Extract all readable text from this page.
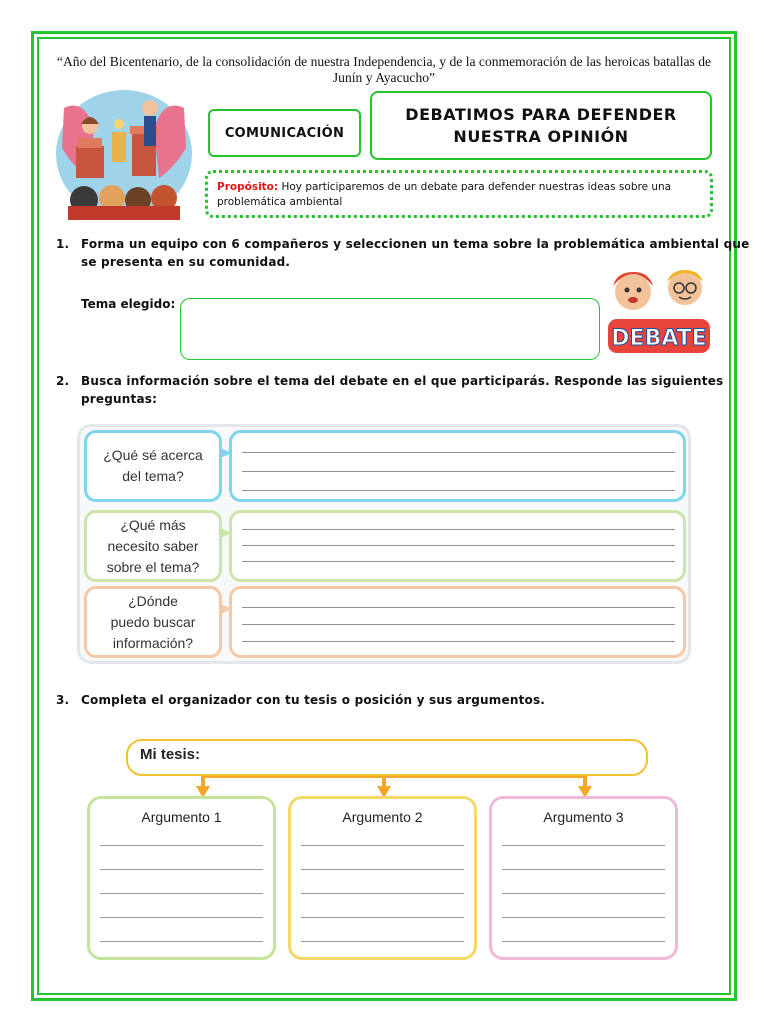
“Año del Bicentenario, de la consolidación de nuestra Independencia, y de la conmemoración de las heroicas batallas de Junín y Ayacucho”
COMUNICACIÓN
DEBATIMOS PARA DEFENDER
NUESTRA OPINIÓN
Propósito: Hoy participaremos de un debate para defender nuestras ideas sobre una problemática ambiental
1. Forma un equipo con 6 compañeros y seleccionen un tema sobre la problemática ambiental que
se presenta en su comunidad.
Tema elegido:
DEBATE
2. Busca información sobre el tema del debate en el que participarás. Responde las siguientes
preguntas:
¿Qué sé acerca
del tema?
¿Qué más
necesito saber
sobre el tema?
¿Dónde
puedo buscar
información?
3. Completa el organizador con tu tesis o posición y sus argumentos.
Mi tesis:
Argumento 1	Argumento 2	Argumento 3
